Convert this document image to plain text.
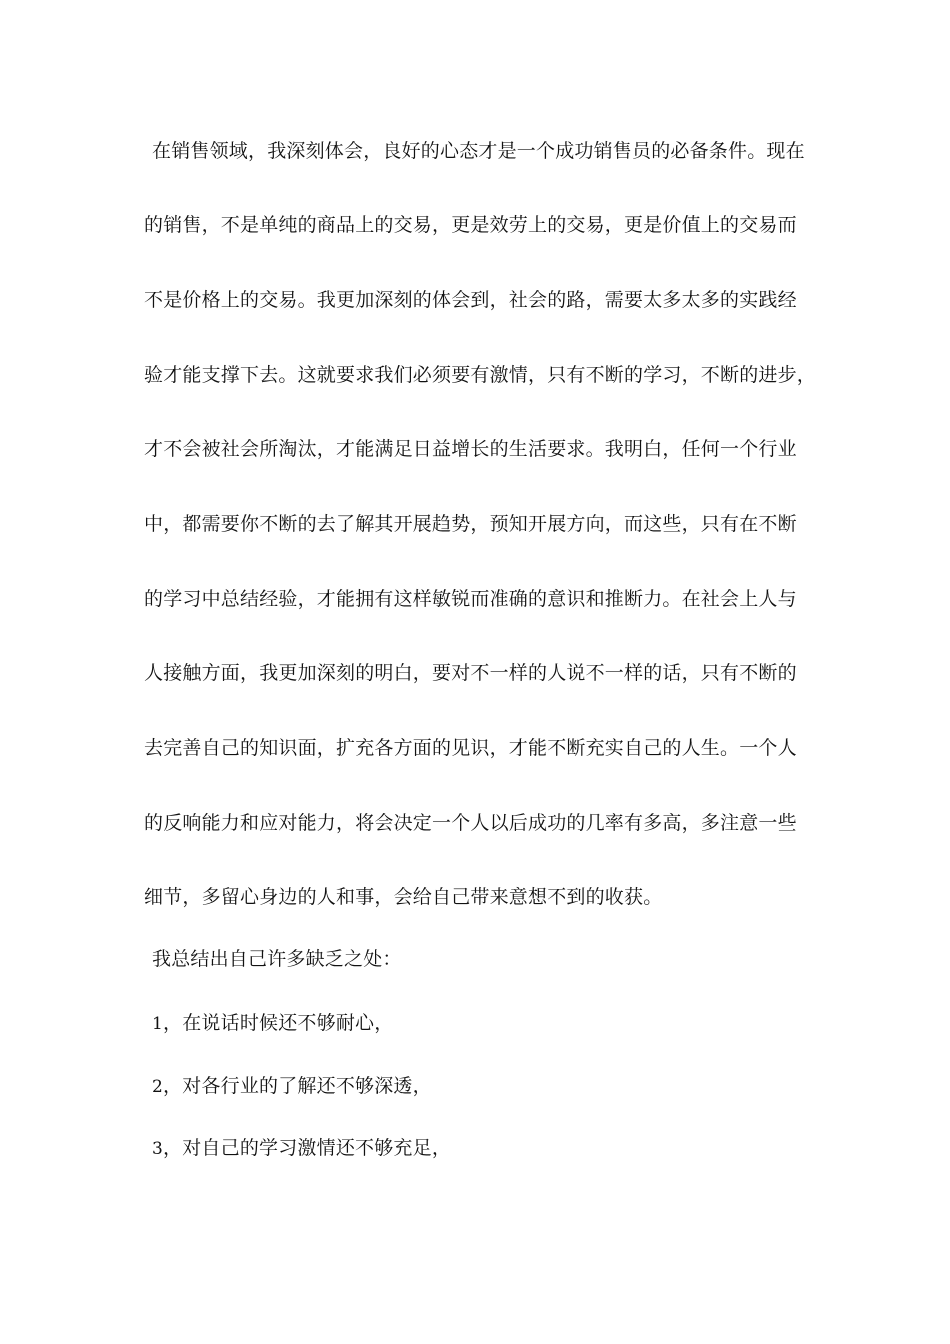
在销售领域，我深刻体会，良好的心态才是一个成功销售员的必备条件。现在
的销售，不是单纯的商品上的交易，更是效劳上的交易，更是价值上的交易而
不是价格上的交易。我更加深刻的体会到，社会的路，需要太多太多的实践经
验才能支撑下去。这就要求我们必须要有激情，只有不断的学习，不断的进步，
才不会被社会所淘汰，才能满足日益增长的生活要求。我明白，任何一个行业
中，都需要你不断的去了解其开展趋势，预知开展方向，而这些，只有在不断
的学习中总结经验，才能拥有这样敏锐而准确的意识和推断力。在社会上人与
人接触方面，我更加深刻的明白，要对不一样的人说不一样的话，只有不断的
去完善自己的知识面，扩充各方面的见识，才能不断充实自己的人生。一个人
的反响能力和应对能力，将会决定一个人以后成功的几率有多高，多注意一些
细节，多留心身边的人和事，会给自己带来意想不到的收获。
我总结出自己许多缺乏之处：
1，在说话时候还不够耐心，
2，对各行业的了解还不够深透，
3，对自己的学习激情还不够充足，
